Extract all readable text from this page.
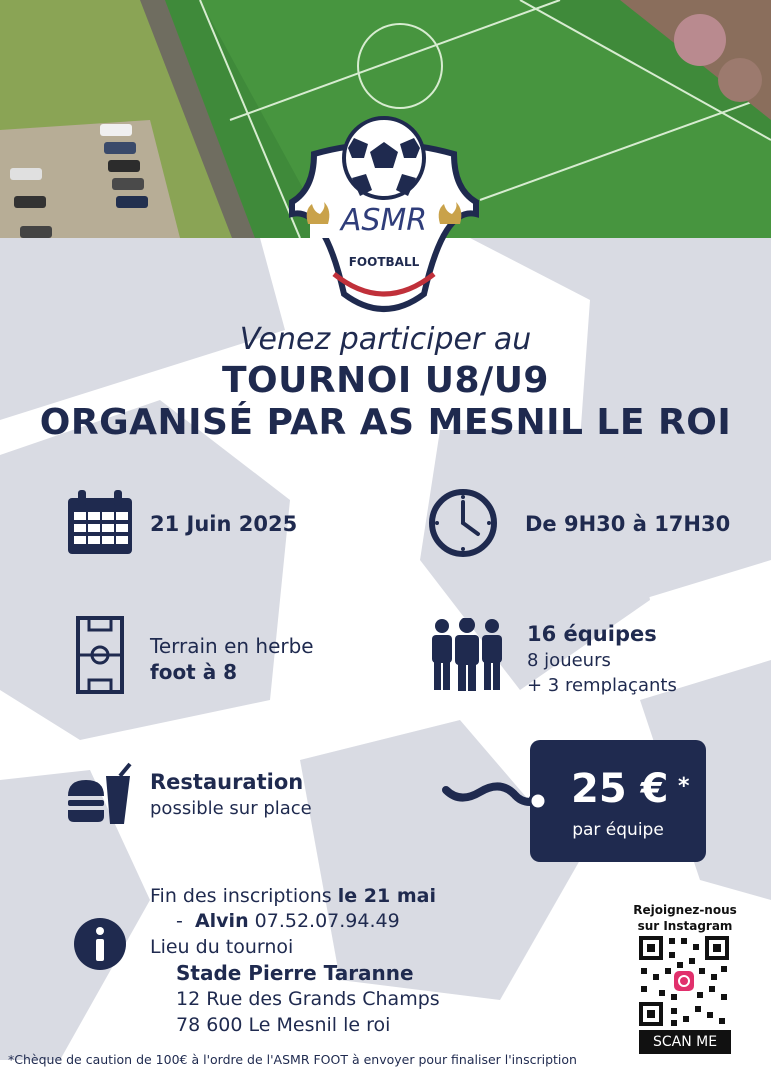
ASMR
FOOTBALL
Venez participer au
TOURNOI U8/U9
ORGANISÉ PAR AS MESNIL LE ROI
21 Juin 2025	De 9H30 à 17H30
Terrain en herbe
foot à 8
16 équipes
8 joueurs
+ 3 remplaçants
Restauration
possible sur place	25 € *
par équipe
Fin des inscriptions le 21 mai
- Alvin 07.52.07.94.49
Lieu du tournoi
Stade Pierre Taranne
12 Rue des Grands Champs
78 600 Le Mesnil le roi
Rejoignez-nous
sur Instagram
SCAN ME
*Chèque de caution de 100€ à l'ordre de l'ASMR FOOT à envoyer pour finaliser l'inscription
